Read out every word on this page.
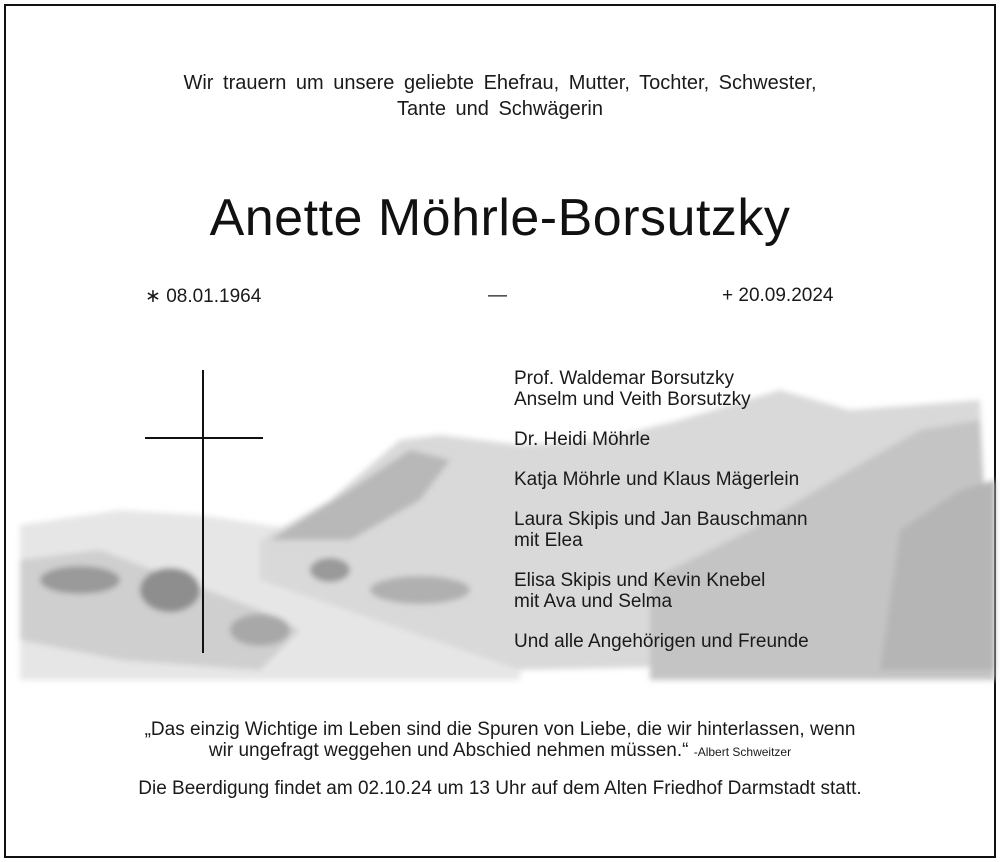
Wir trauern um unsere geliebte Ehefrau, Mutter, Tochter, Schwester,
Tante und Schwägerin
Anette Möhrle-Borsutzky
∗ 08.01.1964	—	+ 20.09.2024
Prof. Waldemar Borsutzky
Anselm und Veith Borsutzky
Dr. Heidi Möhrle
Katja Möhrle und Klaus Mägerlein
Laura Skipis und Jan Bauschmann
mit Elea
Elisa Skipis und Kevin Knebel
mit Ava und Selma
Und alle Angehörigen und Freunde
„Das einzig Wichtige im Leben sind die Spuren von Liebe, die wir hinterlassen, wenn
wir ungefragt weggehen und Abschied nehmen müssen.“ -Albert Schweitzer
Die Beerdigung findet am 02.10.24 um 13 Uhr auf dem Alten Friedhof Darmstadt statt.
